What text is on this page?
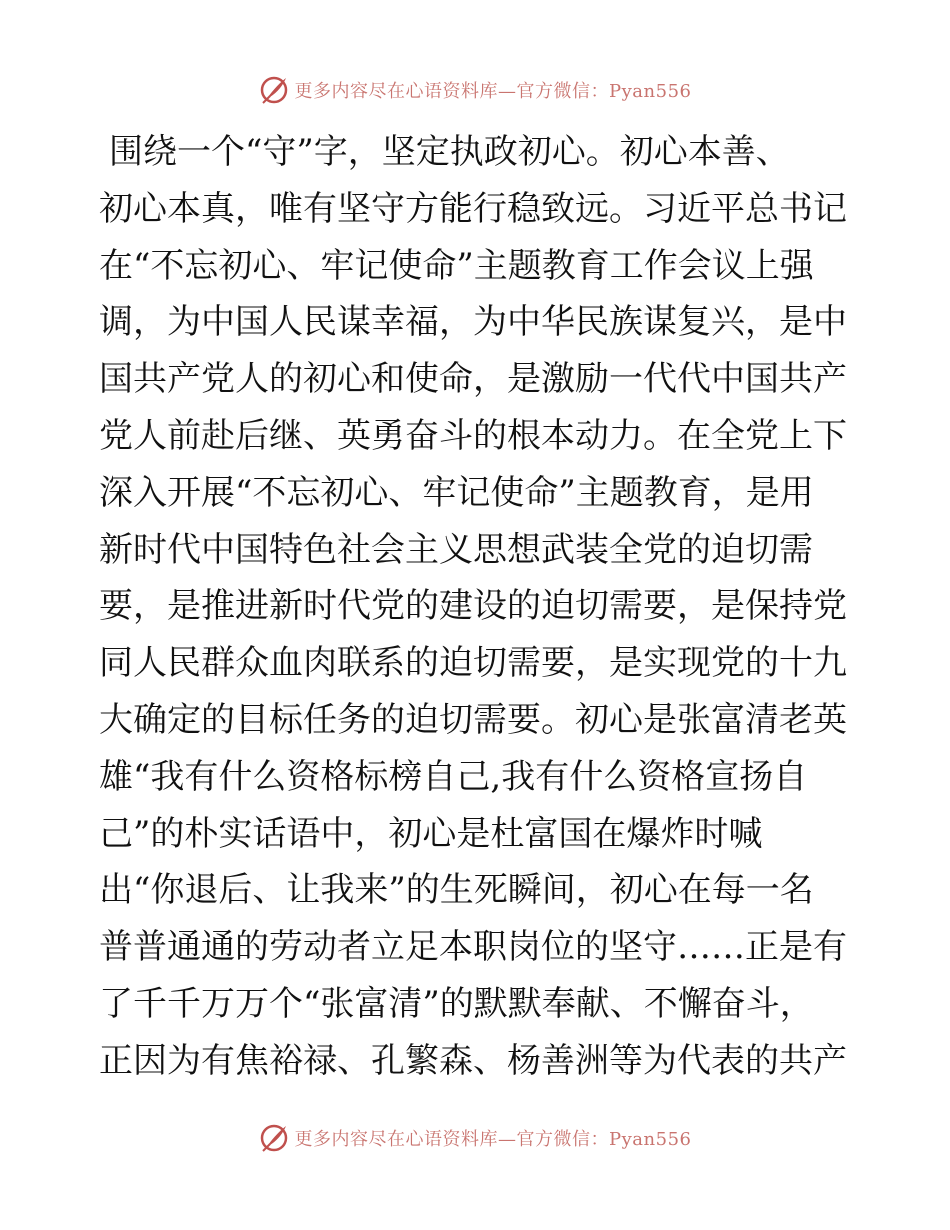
更多内容尽在心语资料库—官方微信：Pyan556
围绕一个“守”字，坚定执政初心。初心本善、
初心本真，唯有坚守方能行稳致远。习近平总书记
在“不忘初心、牢记使命”主题教育工作会议上强
调，为中国人民谋幸福，为中华民族谋复兴，是中
国共产党人的初心和使命，是激励一代代中国共产
党人前赴后继、英勇奋斗的根本动力。在全党上下
深入开展“不忘初心、牢记使命”主题教育，是用
新时代中国特色社会主义思想武装全党的迫切需
要，是推进新时代党的建设的迫切需要，是保持党
同人民群众血肉联系的迫切需要，是实现党的十九
大确定的目标任务的迫切需要。初心是张富清老英
雄“我有什么资格标榜自己,我有什么资格宣扬自
己”的朴实话语中，初心是杜富国在爆炸时喊
出“你退后、让我来”的生死瞬间，初心在每一名
普普通通的劳动者立足本职岗位的坚守……正是有
了千千万万个“张富清”的默默奉献、不懈奋斗，
正因为有焦裕禄、孔繁森、杨善洲等为代表的共产
更多内容尽在心语资料库—官方微信：Pyan556
